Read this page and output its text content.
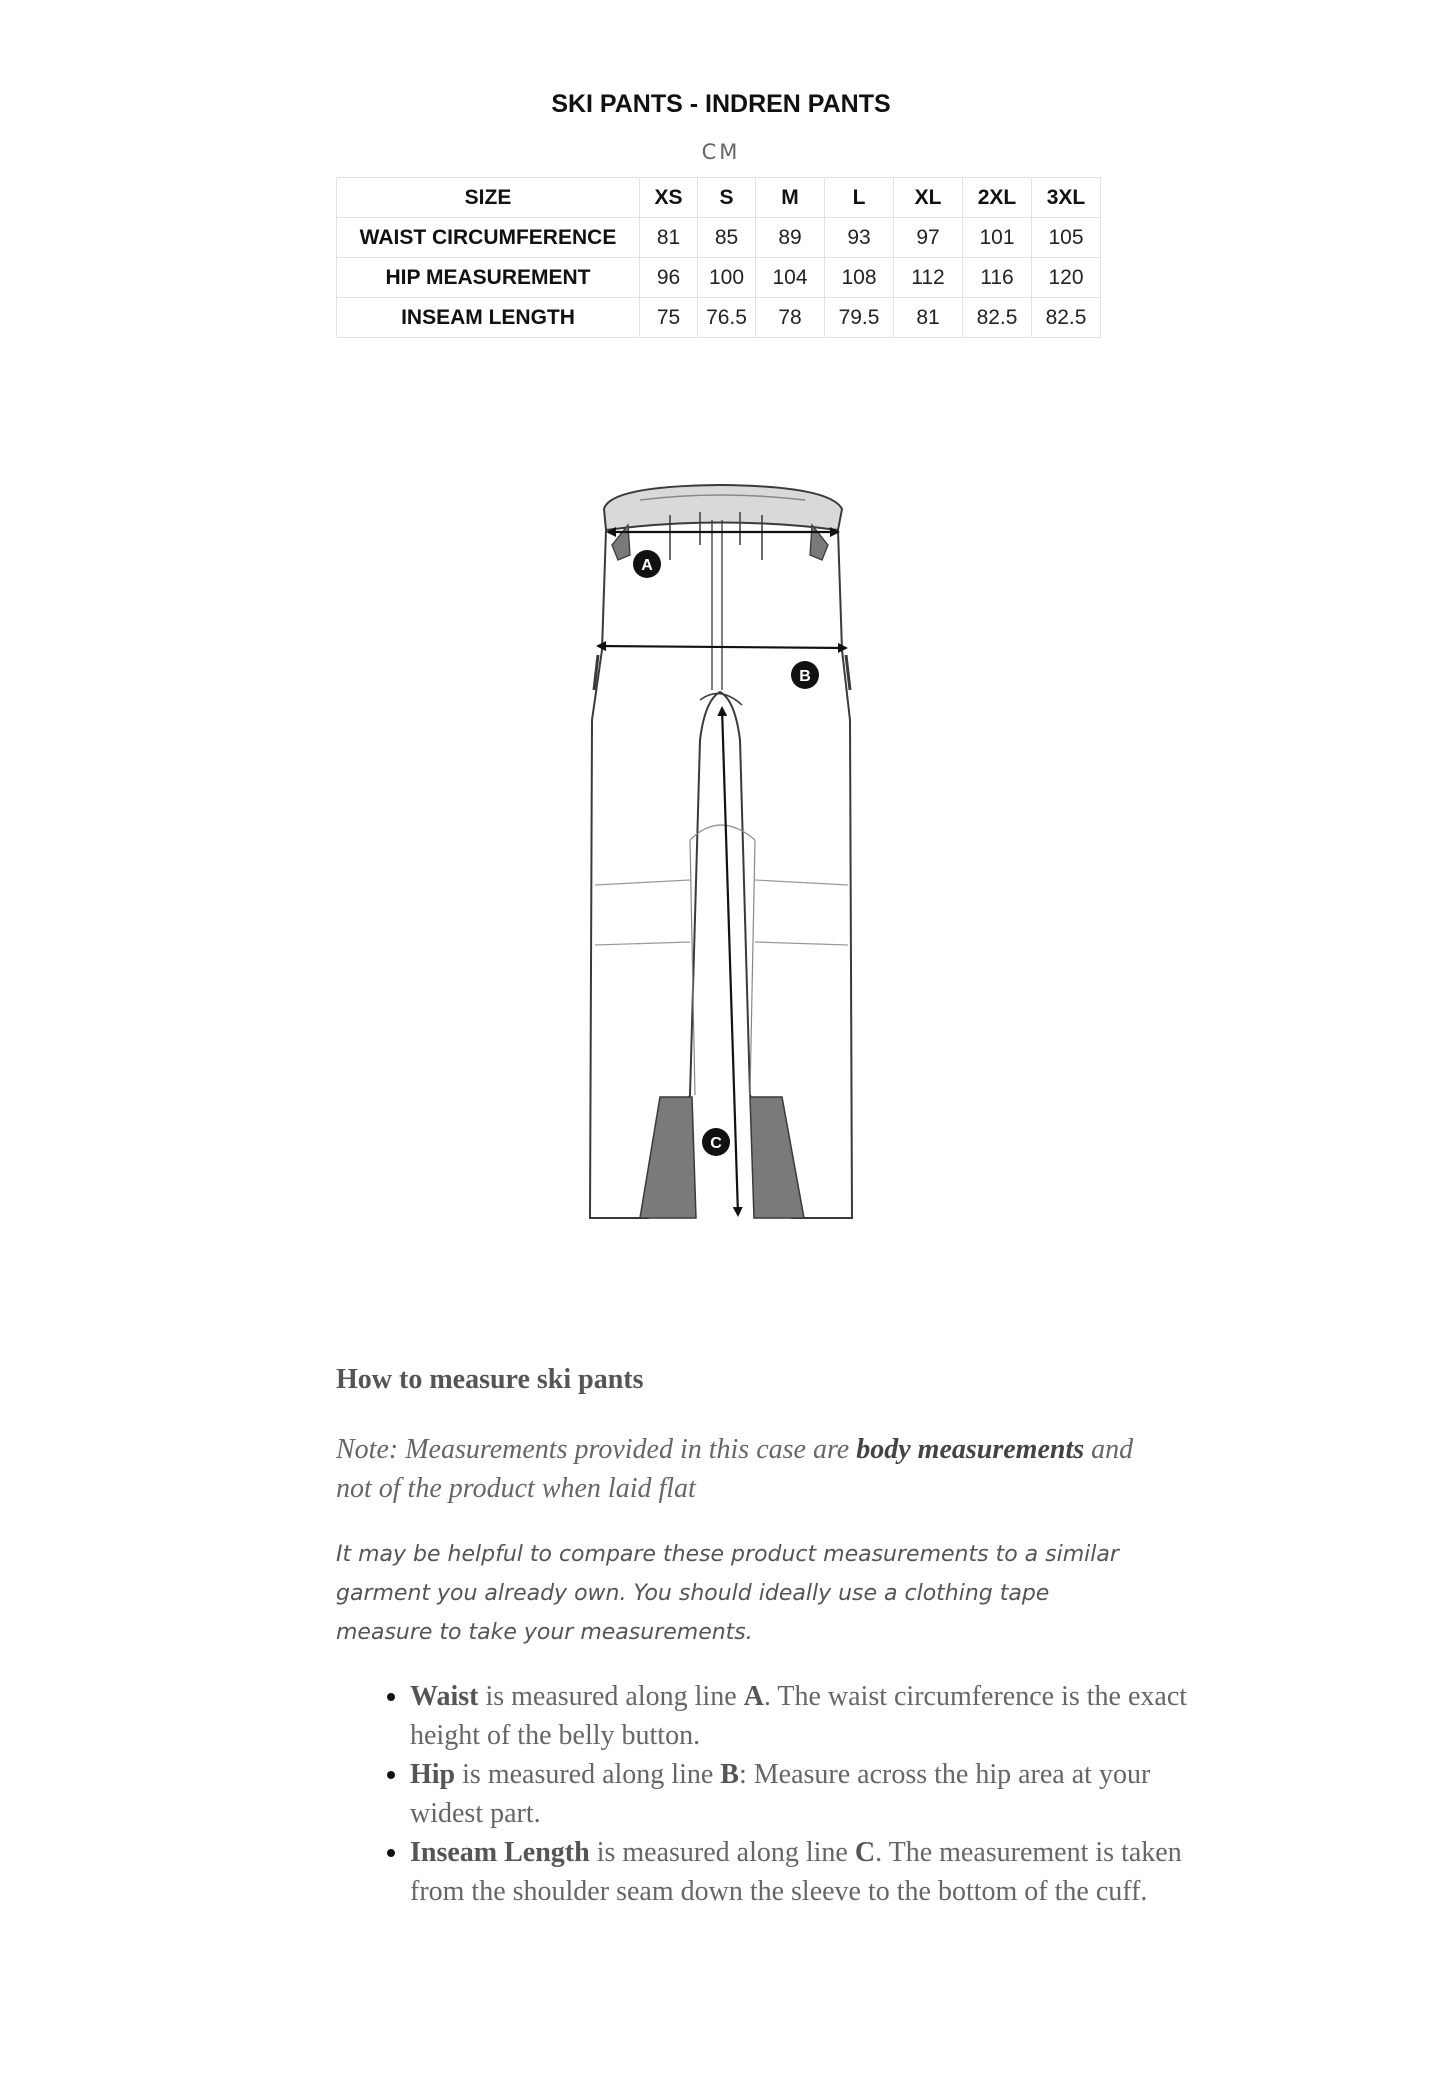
SKI PANTS - INDREN PANTS
CM
SIZE	XS	S	M	L	XL	2XL	3XL
WAIST CIRCUMFERENCE	81	85	89	93	97	101	105
HIP MEASUREMENT	96	100	104	108	112	116	120
INSEAM LENGTH	75	76.5	78	79.5	81	82.5	82.5
A
B
C
How to measure ski pants
Note: Measurements provided in this case are body measurements and not of the product when laid flat
It may be helpful to compare these product measurements to a similar garment you already own. You should ideally use a clothing tape measure to take your measurements.
• Waist is measured along line A. The waist circumference is the exact height of the belly button.
• Hip is measured along line B: Measure across the hip area at your widest part.
• Inseam Length is measured along line C. The measurement is taken from the shoulder seam down the sleeve to the bottom of the cuff.
